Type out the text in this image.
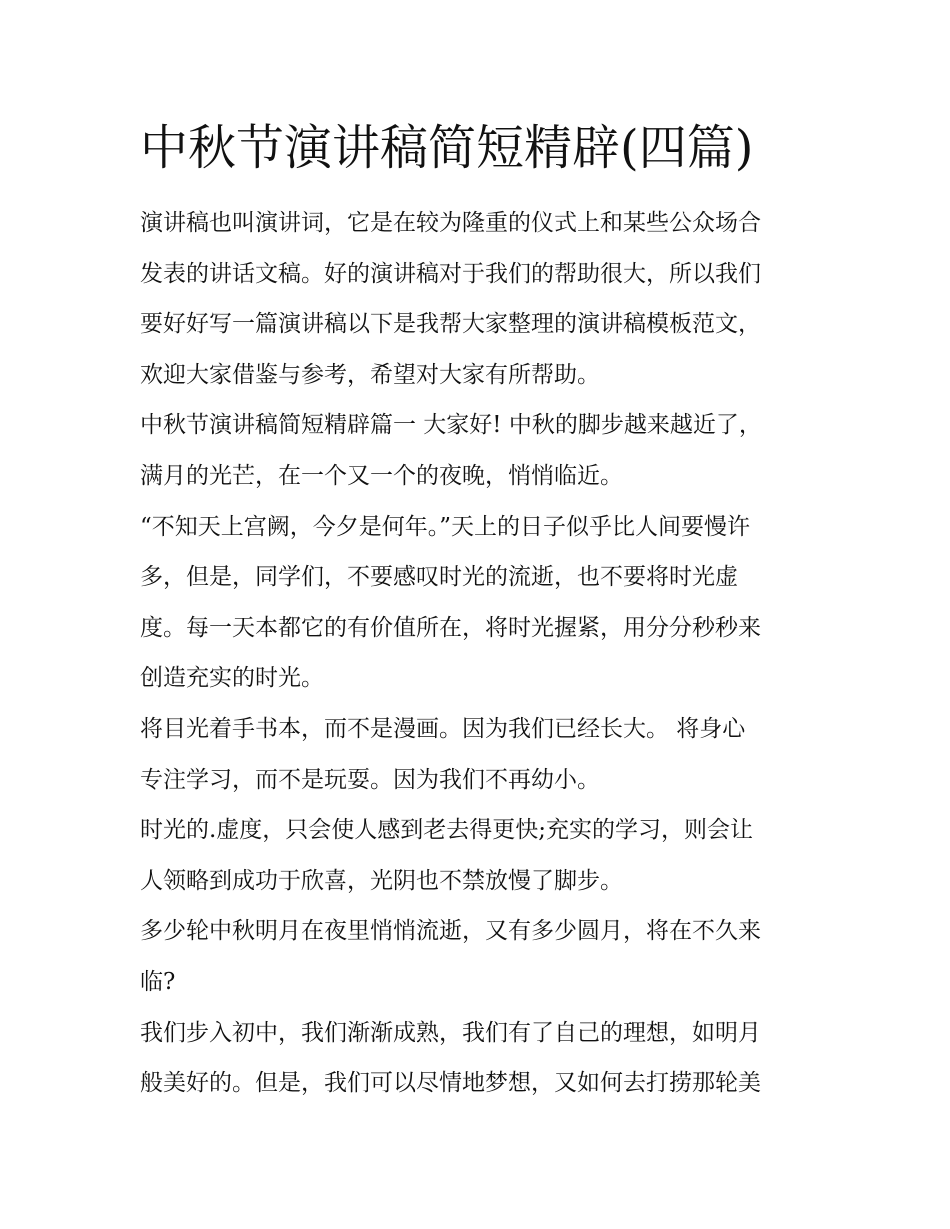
中秋节演讲稿简短精辟(四篇)

演讲稿也叫演讲词，它是在较为隆重的仪式上和某些公众场合
发表的讲话文稿。好的演讲稿对于我们的帮助很大，所以我们
要好好写一篇演讲稿以下是我帮大家整理的演讲稿模板范文，
欢迎大家借鉴与参考，希望对大家有所帮助。

中秋节演讲稿简短精辟篇一 大家好! 中秋的脚步越来越近了，
满月的光芒，在一个又一个的夜晚，悄悄临近。

“不知天上宫阙，今夕是何年。”天上的日子似乎比人间要慢许
多，但是，同学们，不要感叹时光的流逝，也不要将时光虚
度。每一天本都它的有价值所在，将时光握紧，用分分秒秒来
创造充实的时光。

将目光着手书本，而不是漫画。因为我们已经长大。 将身心
专注学习，而不是玩耍。因为我们不再幼小。

时光的.虚度，只会使人感到老去得更快;充实的学习，则会让
人领略到成功于欣喜，光阴也不禁放慢了脚步。

多少轮中秋明月在夜里悄悄流逝，又有多少圆月，将在不久来
临?

我们步入初中，我们渐渐成熟，我们有了自己的理想，如明月
般美好的。但是，我们可以尽情地梦想，又如何去打捞那轮美
